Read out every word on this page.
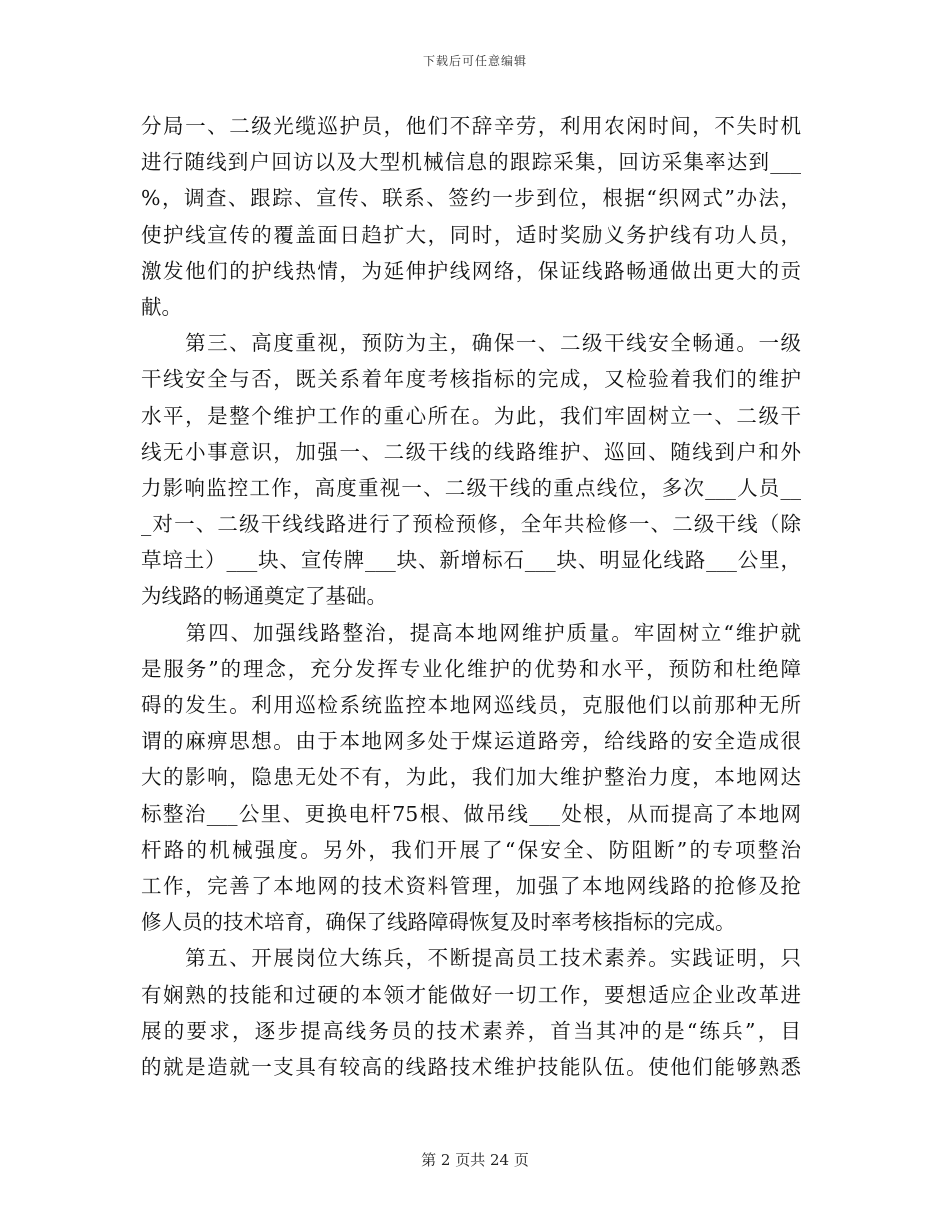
下载后可任意编辑
分局一、二级光缆巡护员，他们不辞辛劳，利用农闲时间，不失时机
进行随线到户回访以及大型机械信息的跟踪采集，回访采集率达到___
%，调查、跟踪、宣传、联系、签约一步到位，根据“织网式”办法，
使护线宣传的覆盖面日趋扩大，同时，适时奖励义务护线有功人员，
激发他们的护线热情，为延伸护线网络，保证线路畅通做出更大的贡
献。
　　第三、高度重视，预防为主，确保一、二级干线安全畅通。一级
干线安全与否，既关系着年度考核指标的完成，又检验着我们的维护
水平，是整个维护工作的重心所在。为此，我们牢固树立一、二级干
线无小事意识，加强一、二级干线的线路维护、巡回、随线到户和外
力影响监控工作，高度重视一、二级干线的重点线位，多次___人员__
_对一、二级干线线路进行了预检预修，全年共检修一、二级干线（除
草培土）___块、宣传牌___块、新增标石___块、明显化线路___公里，
为线路的畅通奠定了基础。
　　第四、加强线路整治，提高本地网维护质量。牢固树立“维护就
是服务”的理念，充分发挥专业化维护的优势和水平，预防和杜绝障
碍的发生。利用巡检系统监控本地网巡线员，克服他们以前那种无所
谓的麻痹思想。由于本地网多处于煤运道路旁，给线路的安全造成很
大的影响，隐患无处不有，为此，我们加大维护整治力度，本地网达
标整治___公里、更换电杆75根、做吊线___处根，从而提高了本地网
杆路的机械强度。另外，我们开展了“保安全、防阻断”的专项整治
工作，完善了本地网的技术资料管理，加强了本地网线路的抢修及抢
修人员的技术培育，确保了线路障碍恢复及时率考核指标的完成。
　　第五、开展岗位大练兵，不断提高员工技术素养。实践证明，只
有娴熟的技能和过硬的本领才能做好一切工作，要想适应企业改革进
展的要求，逐步提高线务员的技术素养，首当其冲的是“练兵”，目
的就是造就一支具有较高的线路技术维护技能队伍。使他们能够熟悉
第 2 页共 24 页
